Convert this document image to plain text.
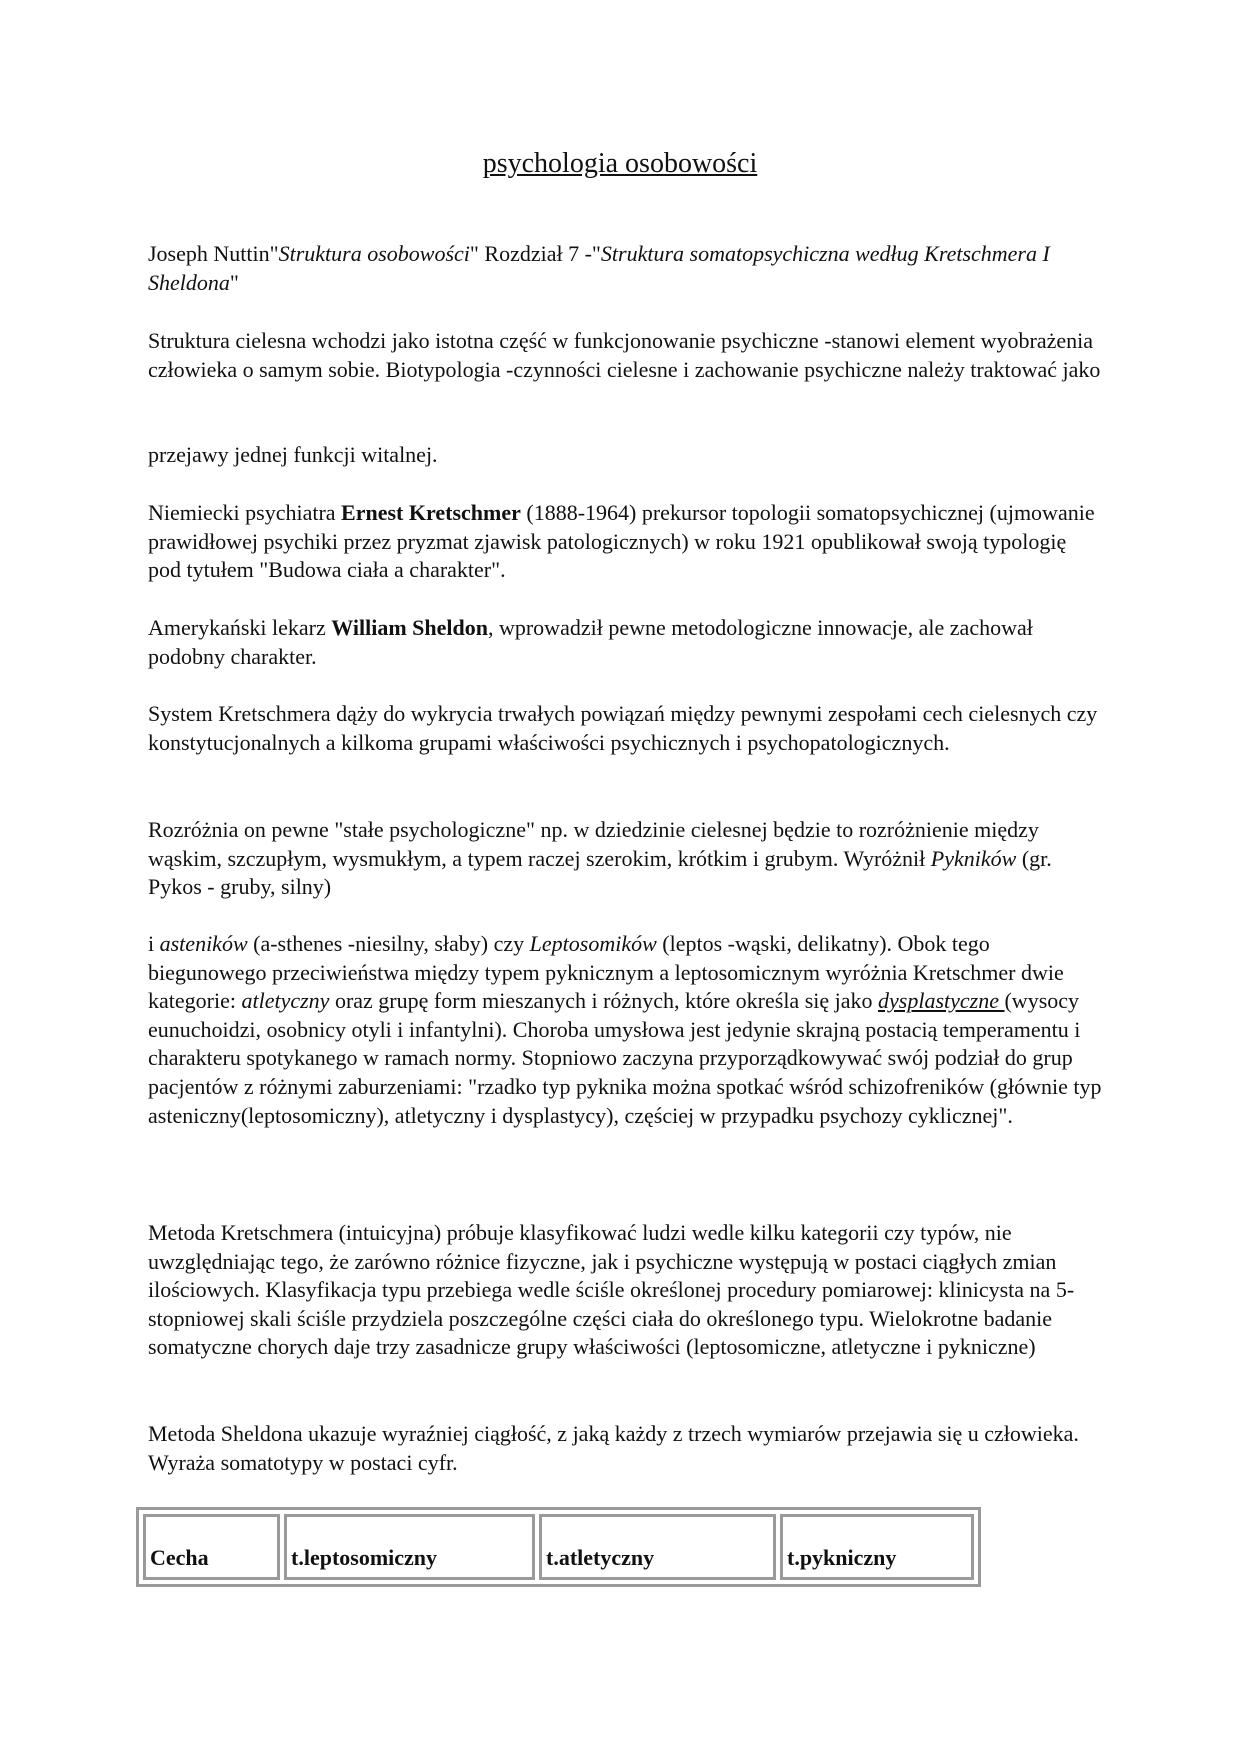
psychologia osobowości

Joseph Nuttin"Struktura osobowości" Rozdział 7 -"Struktura somatopsychiczna według Kretschmera I Sheldona"

Struktura cielesna wchodzi jako istotna część w funkcjonowanie psychiczne -stanowi element wyobrażenia człowieka o samym sobie. Biotypologia -czynności cielesne i zachowanie psychiczne należy traktować jako

przejawy jednej funkcji witalnej.

Niemiecki psychiatra Ernest Kretschmer (1888-1964) prekursor topologii somatopsychicznej (ujmowanie prawidłowej psychiki przez pryzmat zjawisk patologicznych) w roku 1921 opublikował swoją typologię pod tytułem "Budowa ciała a charakter".

Amerykański lekarz William Sheldon, wprowadził pewne metodologiczne innowacje, ale zachował podobny charakter.

System Kretschmera dąży do wykrycia trwałych powiązań między pewnymi zespołami cech cielesnych czy konstytucjonalnych a kilkoma grupami właściwości psychicznych i psychopatologicznych.

Rozróżnia on pewne "stałe psychologiczne" np. w dziedzinie cielesnej będzie to rozróżnienie między wąskim, szczupłym, wysmukłym, a typem raczej szerokim, krótkim i grubym. Wyróżnił Pykników (gr. Pykos - gruby, silny)

i asteników (a-sthenes -niesilny, słaby) czy Leptosomików (leptos -wąski, delikatny). Obok tego biegunowego przeciwieństwa między typem pyknicznym a leptosomicznym wyróżnia Kretschmer dwie kategorie: atletyczny oraz grupę form mieszanych i różnych, które określa się jako dysplastyczne (wysocy eunuchoidzi, osobnicy otyli i infantylni). Choroba umysłowa jest jedynie skrajną postacią temperamentu i charakteru spotykanego w ramach normy. Stopniowo zaczyna przyporządkowywać swój podział do grup pacjentów z różnymi zaburzeniami: "rzadko typ pyknika można spotkać wśród schizofreników (głównie typ asteniczny(leptosomiczny), atletyczny i dysplastycy), częściej w przypadku psychozy cyklicznej".

Metoda Kretschmera (intuicyjna) próbuje klasyfikować ludzi wedle kilku kategorii czy typów, nie uwzględniając tego, że zarówno różnice fizyczne, jak i psychiczne występują w postaci ciągłych zmian ilościowych. Klasyfikacja typu przebiega wedle ściśle określonej procedury pomiarowej: klinicysta na 5-stopniowej skali ściśle przydziela poszczególne części ciała do określonego typu. Wielokrotne badanie somatyczne chorych daje trzy zasadnicze grupy właściwości (leptosomiczne, atletyczne i pykniczne)

Metoda Sheldona ukazuje wyraźniej ciągłość, z jaką każdy z trzech wymiarów przejawia się u człowieka. Wyraża somatotypy w postaci cyfr.

Cecha	t.leptosomiczny	t.atletyczny	t.pykniczny
